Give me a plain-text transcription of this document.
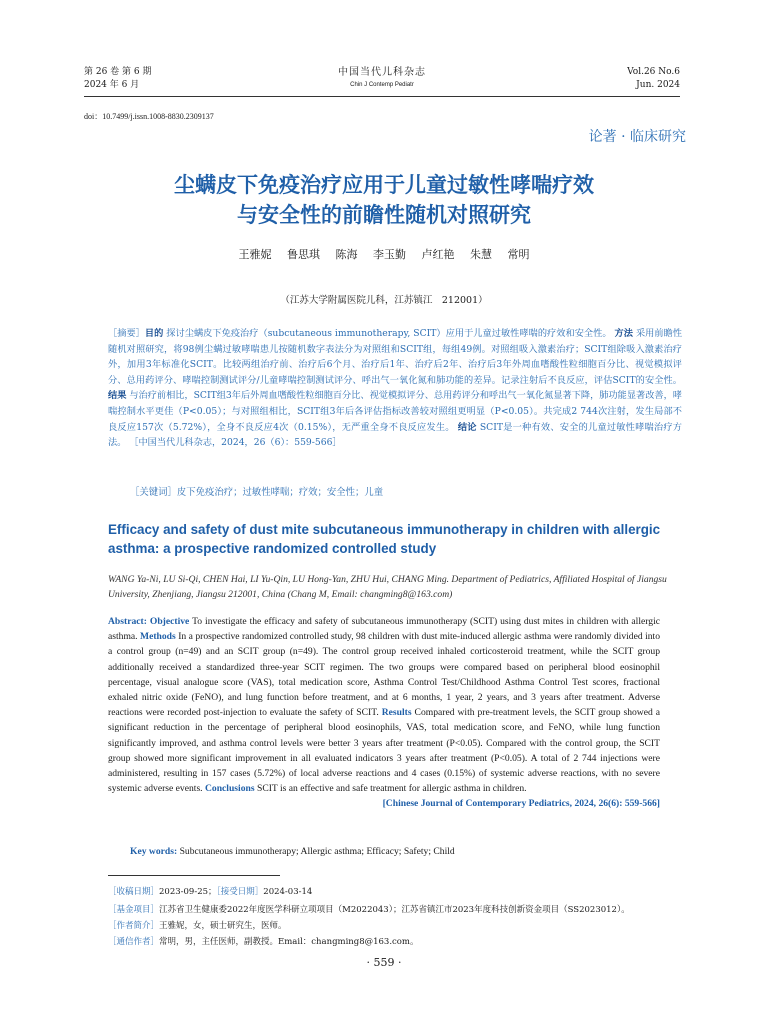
第 26 卷 第 6 期
2024 年 6 月
中国当代儿科杂志
Chin J Contemp Pediatr
Vol.26 No.6
Jun. 2024
doi：10.7499/j.issn.1008-8830.2309137
论著 · 临床研究
尘螨皮下免疫治疗应用于儿童过敏性哮喘疗效
与安全性的前瞻性随机对照研究
王雅妮 鲁思琪 陈海 李玉勤 卢红艳 朱慧 常明
（江苏大学附属医院儿科，江苏镇江　212001）

［摘要］目的 探讨尘螨皮下免疫治疗（subcutaneous immunotherapy, SCIT）应用于儿童过敏性哮喘的疗效和安全性。 方法 采用前瞻性随机对照研究，将98例尘螨过敏哮喘患儿按随机数字表法分为对照组和SCIT组，每组49例。对照组吸入激素治疗；SCIT组除吸入激素治疗外，加用3年标准化SCIT。比较两组治疗前、治疗后6个月、治疗后1年、治疗后2年、治疗后3年外周血嗜酸性粒细胞百分比、视觉模拟评分、总用药评分、哮喘控制测试评分/儿童哮喘控制测试评分、呼出气一氧化氮和肺功能的差异。记录注射后不良反应，评估SCIT的安全性。 结果 与治疗前相比，SCIT组3年后外周血嗜酸性粒细胞百分比、视觉模拟评分、总用药评分和呼出气一氧化氮显著下降，肺功能显著改善，哮喘控制水平更佳（P<0.05）；与对照组相比，SCIT组3年后各评估指标改善较对照组更明显（P<0.05）。共完成2 744次注射，发生局部不良反应157次（5.72%），全身不良反应4次（0.15%），无严重全身不良反应发生。 结论 SCIT是一种有效、安全的儿童过敏性哮喘治疗方法。 ［中国当代儿科杂志，2024，26（6）：559-566］

［关键词］皮下免疫治疗；过敏性哮喘；疗效；安全性；儿童

Efficacy and safety of dust mite subcutaneous immunotherapy in children with allergic asthma: a prospective randomized controlled study

WANG Ya-Ni, LU Si-Qi, CHEN Hai, LI Yu-Qin, LU Hong-Yan, ZHU Hui, CHANG Ming. Department of Pediatrics, Affiliated Hospital of Jiangsu University, Zhenjiang, Jiangsu 212001, China (Chang M, Email: changming8@163.com)

Abstract: Objective To investigate the efficacy and safety of subcutaneous immunotherapy (SCIT) using dust mites in children with allergic asthma. Methods In a prospective randomized controlled study, 98 children with dust mite-induced allergic asthma were randomly divided into a control group (n=49) and an SCIT group (n=49). The control group received inhaled corticosteroid treatment, while the SCIT group additionally received a standardized three-year SCIT regimen. The two groups were compared based on peripheral blood eosinophil percentage, visual analogue score (VAS), total medication score, Asthma Control Test/Childhood Asthma Control Test scores, fractional exhaled nitric oxide (FeNO), and lung function before treatment, and at 6 months, 1 year, 2 years, and 3 years after treatment. Adverse reactions were recorded post-injection to evaluate the safety of SCIT. Results Compared with pre-treatment levels, the SCIT group showed a significant reduction in the percentage of peripheral blood eosinophils, VAS, total medication score, and FeNO, while lung function significantly improved, and asthma control levels were better 3 years after treatment (P<0.05). Compared with the control group, the SCIT group showed more significant improvement in all evaluated indicators 3 years after treatment (P<0.05). A total of 2 744 injections were administered, resulting in 157 cases (5.72%) of local adverse reactions and 4 cases (0.15%) of systemic adverse reactions, with no severe systemic adverse events. Conclusions SCIT is an effective and safe treatment for allergic asthma in children.
[Chinese Journal of Contemporary Pediatrics, 2024, 26(6): 559-566]

Key words: Subcutaneous immunotherapy; Allergic asthma; Efficacy; Safety; Child
［收稿日期］2023-09-25；［接受日期］2024-03-14
［基金项目］江苏省卫生健康委2022年度医学科研立项项目（M2022043）；江苏省镇江市2023年度科技创新资金项目（SS2023012）。
［作者简介］王雅妮，女，硕士研究生，医师。
［通信作者］常明，男，主任医师，副教授。Email：changming8@163.com。
· 559 ·
